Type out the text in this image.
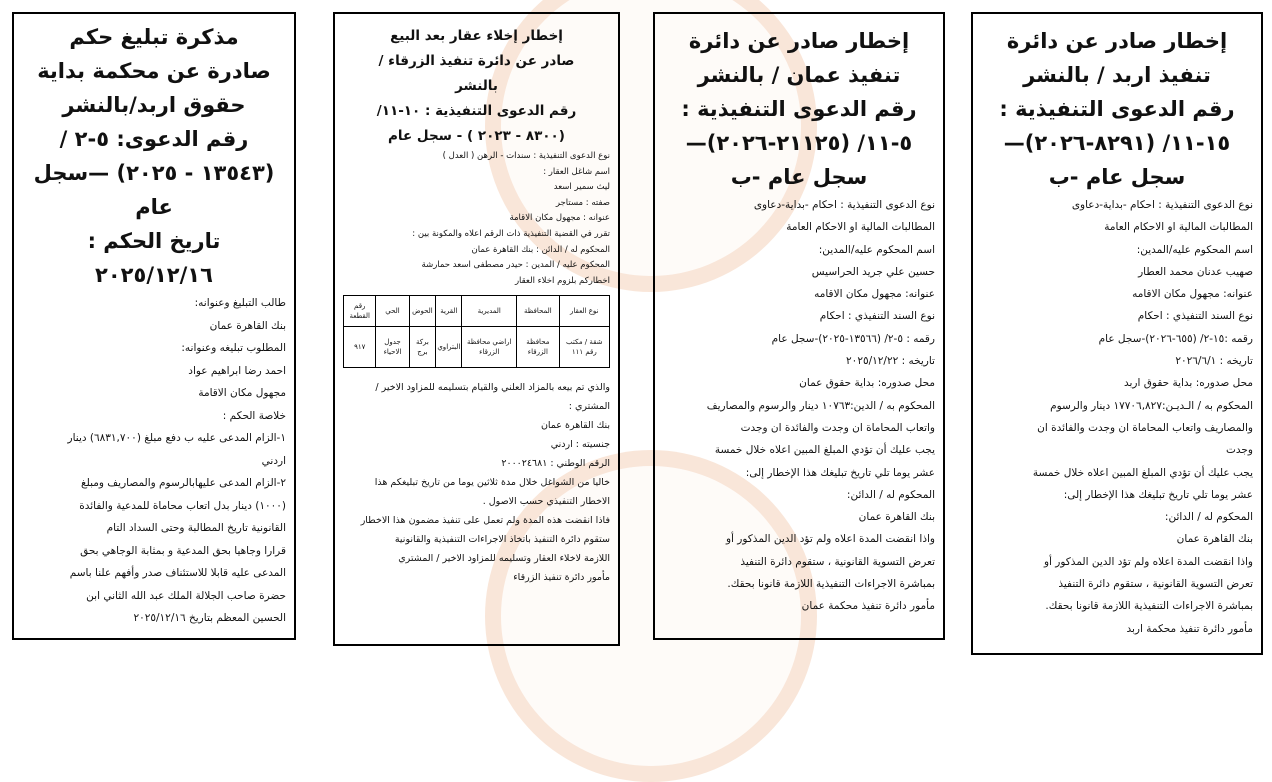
إخطار صادر عن دائرة

تنفيذ اربد / بالنشر

رقم الدعوى التنفيذية :

١٥-١١/ (٨٢٩١-٢٠٢٦)—

سجل عام -ب

نوع الدعوى التنفيذية : احكام -بداية-دعاوى

المطالبات المالية او الاحكام العامة

اسم المحكوم عليه/المدين:

صهيب عدنان محمد العطار

عنوانه: مجهول مكان الاقامه

نوع السند التنفيذي : احكام

رقمه :١٥-٢/ (٦٥٥-٢٠٢٦)-سجل عام

تاريخه : ٢٠٢٦/٦/١

محل صدوره: بداية حقوق اربد

المحكوم به / الـديـن:١٧٧٠٦,٨٢٧ دينار والرسوم

والمصاريف واتعاب المحاماة ان وجدت والفائدة ان

وجدت

يجب عليك أن تؤدي المبلغ المبين اعلاه خلال خمسة

عشر يوما تلي تاريخ تبليغك هذا الإخطار إلى:

المحكوم له / الدائن:

بنك القاهرة عمان

واذا انقضت المدة اعلاه ولم تؤد الدين المذكور أو

تعرض التسوية القانونية ، ستقوم دائرة التنفيذ

بمباشرة الاجراءات التنفيذية اللازمة قانونا بحقك.

مأمور دائرة تنفيذ محكمة اربد

إخطار صادر عن دائرة

تنفيذ عمان / بالنشر

رقم الدعوى التنفيذية :

٥-١١/ (٢١١٢٥-٢٠٢٦)—

سجل عام -ب

نوع الدعوى التنفيذية : احكام -بداية-دعاوى

المطالبات المالية او الاحكام العامة

اسم المحكوم عليه/المدين:

حسين علي جريد الحراسيس

عنوانه: مجهول مكان الاقامه

نوع السند التنفيذي : احكام

رقمه : ٥-٢/ (١٣٥٦٦-٢٠٢٥)-سجل عام

تاريخه : ٢٠٢٥/١٢/٢٢

محل صدوره: بداية حقوق عمان

المحكوم به / الدين:١٠٧٦٣ دينار والرسوم والمصاريف

واتعاب المحاماة ان وجدت والفائدة ان وجدت

يجب عليك أن تؤدي المبلغ المبين اعلاه خلال خمسة

عشر يوما تلي تاريخ تبليغك هذا الإخطار إلى:

المحكوم له / الدائن:

بنك القاهرة عمان

واذا انقضت المدة اعلاه ولم تؤد الدين المذكور أو

تعرض التسوية القانونية ، ستقوم دائرة التنفيذ

بمباشرة الاجراءات التنفيذية اللازمة قانونا بحقك.

مأمور دائرة تنفيذ محكمة عمان

إخطار إخلاء عقار بعد البيع

صادر عن دائرة تنفيذ الزرقاء /

بالنشر

رقم الدعوى التنفيذية : ١٠-١١/

(٨٣٠٠ - ٢٠٢٣ ) - سجل عام

نوع الدعوى التنفيذية : سندات - الرهن ( العدل )

اسم شاغل العقار :

ليث سمير اسعد

صفته : مستاجر

عنوانه : مجهول مكان الاقامة

تقرر في القضية التنفيذية ذات الرقم اعلاه والمكونة بين :

المحكوم له / الدائن : بنك القاهرة عمان

المحكوم عليه / المدين : حيدر مصطفى اسعد حمارشة

اخطاركم بلزوم اخلاء العقار

نوع العقار	المحافظة	المديرية	القرية	الحوض	الحي	رقم القطعة
شقة / مكتب رقم ١١١	محافظة الزرقاء	اراضي محافظة الزرقاء	البتراوي	بركة برج	جدول الاحياء	٩١٧

والذي تم بيعه بالمزاد العلني والقيام بتسليمه للمزاود الاخير /

المشتري :

بنك القاهرة عمان

جنسيته : اردني

الرقم الوطني : ٢٠٠٠٢٤٦٨١

خاليا من الشواغل خلال مدة ثلاثين يوما من تاريخ تبليغكم هذا

الاخطار التنفيذي حسب الاصول .

فاذا انقضت هذه المدة ولم تعمل على تنفيذ مضمون هذا الاخطار

ستقوم دائرة التنفيذ باتخاذ الاجراءات التنفيذية والقانونية

اللازمة لاخلاء العقار وتسليمه للمزاود الاخير / المشتري

مأمور دائرة تنفيذ الزرقاء

مذكرة تبليغ حكم

صادرة عن محكمة بداية

حقوق اربد/بالنشر

رقم الدعوى: ٥-٢ /

(١٣٥٤٣ - ٢٠٢٥) —سجل

عام

تاريخ الحكم :

٢٠٢٥/١٢/١٦

طالب التبليغ وعنوانه:

بنك القاهرة عمان

المطلوب تبليغه وعنوانه:

احمد رضا ابراهيم عواد

مجهول مكان الاقامة

خلاصة الحكم :

١-الزام المدعى عليه ب دفع مبلغ (٦٨٣١,٧٠٠) دينار

اردني

٢-الزام المدعى عليهابالرسوم والمصاريف ومبلغ

(١٠٠٠) دينار بدل اتعاب محاماة للمدعية والفائدة

القانونية تاريخ المطالبة وحتى السداد التام

قرارا وجاهيا بحق المدعية و بمثابة الوجاهي بحق

المدعى عليه قابلا للاستئناف صدر وأفهم علنا باسم

حضرة صاحب الجلالة الملك عبد الله الثاني ابن

الحسين المعظم بتاريخ ٢٠٢٥/١٢/١٦
